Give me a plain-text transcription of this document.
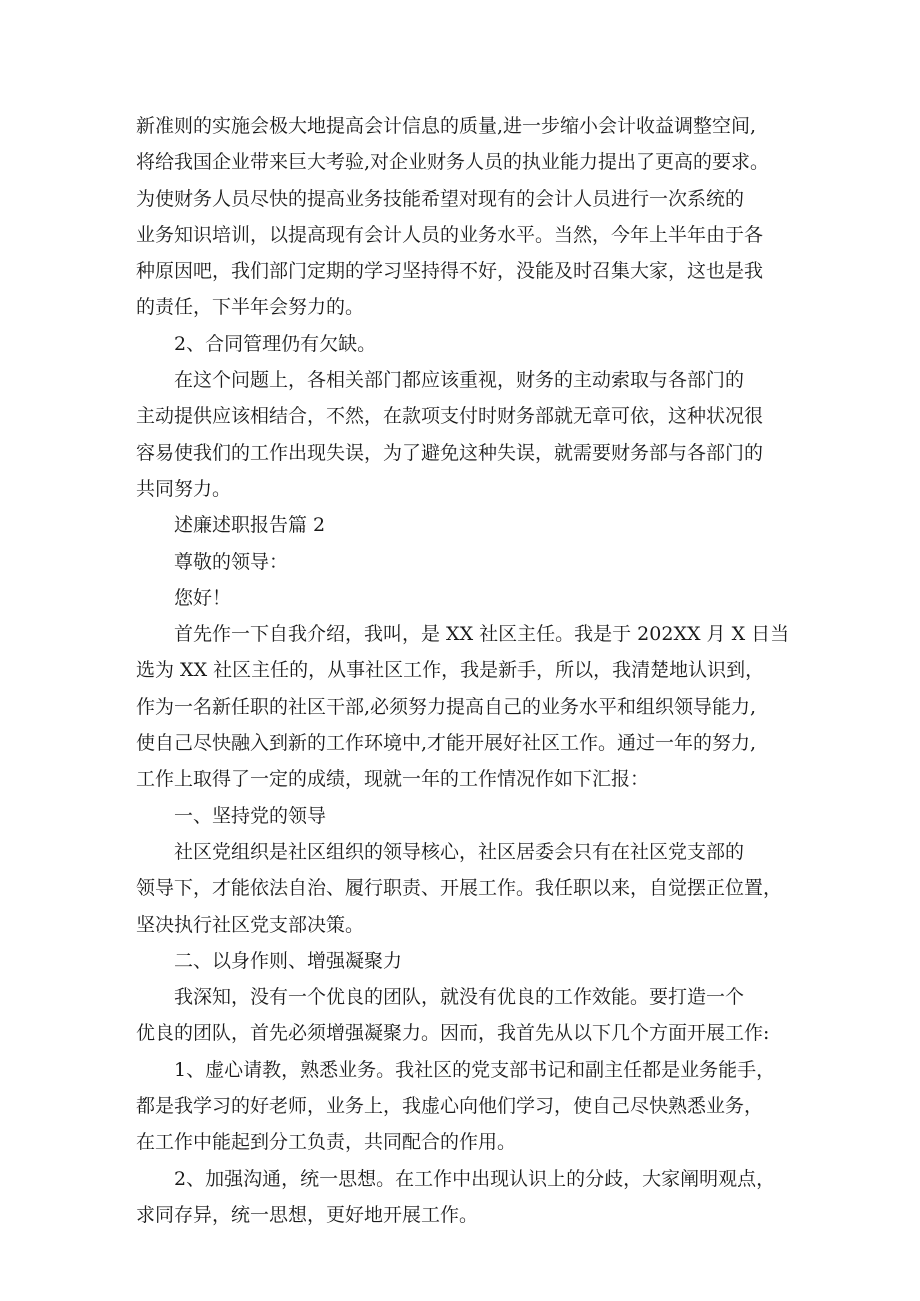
新准则的实施会极大地提高会计信息的质量,进一步缩小会计收益调整空间,
将给我国企业带来巨大考验,对企业财务人员的执业能力提出了更高的要求。
为使财务人员尽快的提高业务技能希望对现有的会计人员进行一次系统的
业务知识培训，以提高现有会计人员的业务水平。当然，今年上半年由于各
种原因吧，我们部门定期的学习坚持得不好，没能及时召集大家，这也是我
的责任，下半年会努力的。
2、合同管理仍有欠缺。
在这个问题上，各相关部门都应该重视，财务的主动索取与各部门的
主动提供应该相结合，不然，在款项支付时财务部就无章可依，这种状况很
容易使我们的工作出现失误，为了避免这种失误，就需要财务部与各部门的
共同努力。
述廉述职报告篇 2
尊敬的领导：
您好！
首先作一下自我介绍，我叫，是 XX 社区主任。我是于 202XX 月 X 日当
选为 XX 社区主任的，从事社区工作，我是新手，所以，我清楚地认识到，
作为一名新任职的社区干部,必须努力提高自己的业务水平和组织领导能力,
使自己尽快融入到新的工作环境中,才能开展好社区工作。通过一年的努力,
工作上取得了一定的成绩，现就一年的工作情况作如下汇报：
一、坚持党的领导
社区党组织是社区组织的领导核心，社区居委会只有在社区党支部的
领导下，才能依法自治、履行职责、开展工作。我任职以来，自觉摆正位置，
坚决执行社区党支部决策。
二、以身作则、增强凝聚力
我深知，没有一个优良的团队，就没有优良的工作效能。要打造一个
优良的团队，首先必须增强凝聚力。因而，我首先从以下几个方面开展工作:
1、虚心请教，熟悉业务。我社区的党支部书记和副主任都是业务能手，
都是我学习的好老师，业务上，我虚心向他们学习，使自己尽快熟悉业务，
在工作中能起到分工负责，共同配合的作用。
2、加强沟通，统一思想。在工作中出现认识上的分歧，大家阐明观点，
求同存异，统一思想，更好地开展工作。
